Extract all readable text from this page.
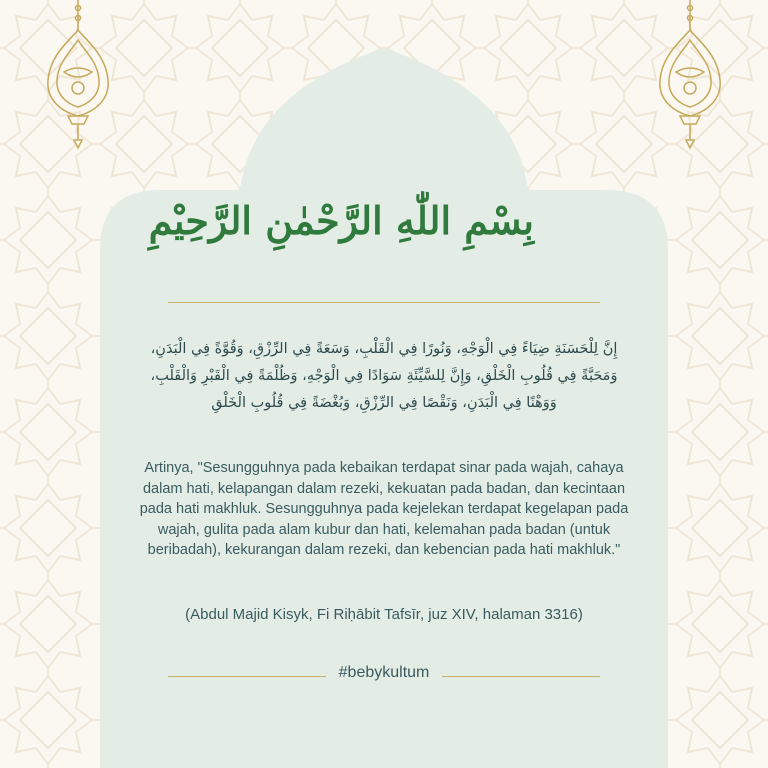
بِسْمِ اللّٰهِ الرَّحْمٰنِ الرَّحِيْمِ
إِنَّ لِلْحَسَنَةِ ضِيَاءً فِي الْوَجْهِ، وَنُورًا فِي الْقَلْبِ، وَسَعَةً فِي الرِّزْقِ، وَقُوَّةً فِي الْبَدَنِ، وَمَحَبَّةً فِي قُلُوبِ الْخَلْقِ، وَإِنَّ لِلسَّيِّئَةِ سَوَادًا فِي الْوَجْهِ، وَظُلْمَةً فِي الْقَبْرِ وَالْقَلْبِ، وَوَهْنًا فِي الْبَدَنِ، وَنَقْصًا فِي الرِّزْقِ، وَبُغْضَةً فِي قُلُوبِ الْخَلْقِ
Artinya, "Sesungguhnya pada kebaikan terdapat sinar pada wajah, cahaya dalam hati, kelapangan dalam rezeki, kekuatan pada badan, dan kecintaan pada hati makhluk. Sesungguhnya pada kejelekan terdapat kegelapan pada wajah, gulita pada alam kubur dan hati, kelemahan pada badan (untuk beribadah), kekurangan dalam rezeki, dan kebencian pada hati makhluk."
(Abdul Majid Kisyk, Fi Riḥābit Tafsīr, juz XIV, halaman 3316)
#bebykultum
